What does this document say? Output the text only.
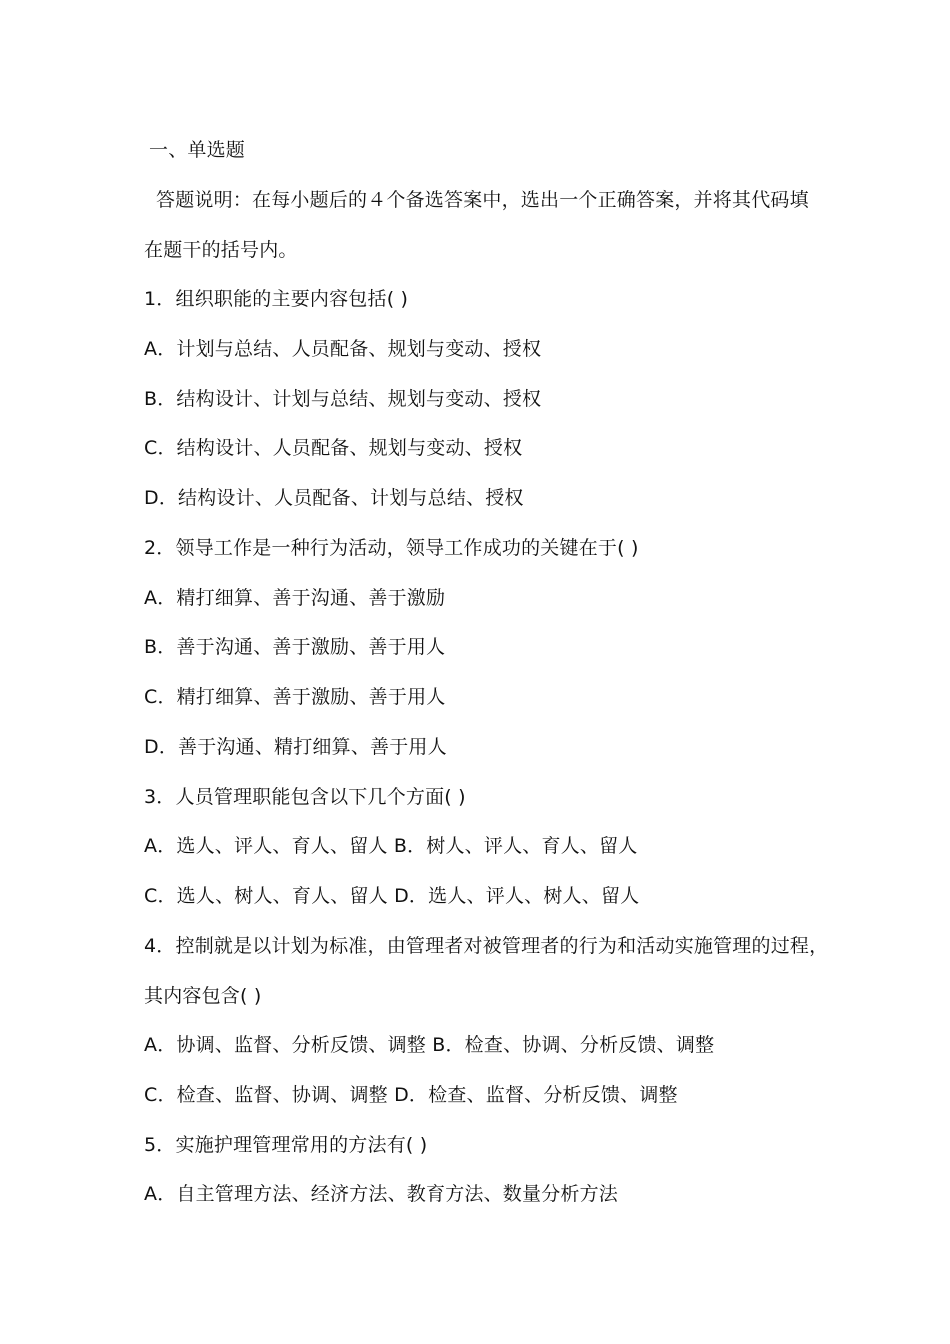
一、单选题
答题说明：在每小题后的４个备选答案中，选出一个正确答案，并将其代码填
在题干的括号内。
1．组织职能的主要内容包括( )
A．计划与总结、人员配备、规划与变动、授权
B．结构设计、计划与总结、规划与变动、授权
C．结构设计、人员配备、规划与变动、授权
D．结构设计、人员配备、计划与总结、授权
2．领导工作是一种行为活动，领导工作成功的关键在于( )
A．精打细算、善于沟通、善于激励
B．善于沟通、善于激励、善于用人
C．精打细算、善于激励、善于用人
D．善于沟通、精打细算、善于用人
3．人员管理职能包含以下几个方面( )
A．选人、评人、育人、留人 B．树人、评人、育人、留人
C．选人、树人、育人、留人 D．选人、评人、树人、留人
4．控制就是以计划为标准，由管理者对被管理者的行为和活动实施管理的过程，
其内容包含( )
A．协调、监督、分析反馈、调整 B．检查、协调、分析反馈、调整
C．检查、监督、协调、调整 D．检查、监督、分析反馈、调整
5．实施护理管理常用的方法有( )
A．自主管理方法、经济方法、教育方法、数量分析方法
